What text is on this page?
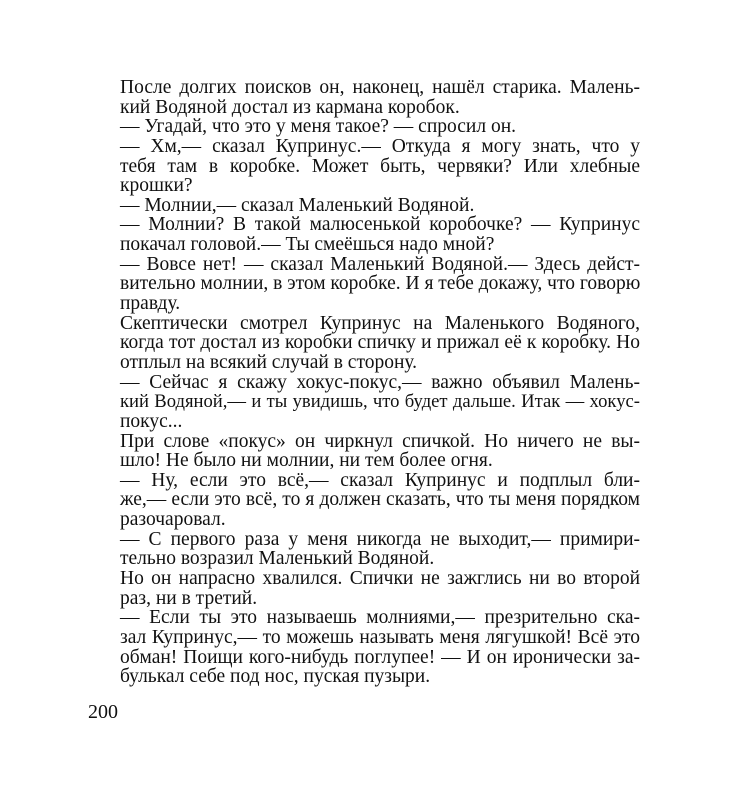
После долгих поисков он, наконец, нашёл старика. Малень-
кий Водяной достал из кармана коробок.
— Угадай, что это у меня такое? — спросил он.
— Хм,— сказал Купринус.— Откуда я могу знать, что у
тебя там в коробке. Может быть, червяки? Или хлебные
крошки?
— Молнии,— сказал Маленький Водяной.
— Молнии? В такой малюсенькой коробочке? — Купринус
покачал головой.— Ты смеёшься надо мной?
— Вовсе нет! — сказал Маленький Водяной.— Здесь дейст-
вительно молнии, в этом коробке. И я тебе докажу, что говорю
правду.
Скептически смотрел Купринус на Маленького Водяного,
когда тот достал из коробки спичку и прижал её к коробку. Но
отплыл на всякий случай в сторону.
— Сейчас я скажу хокус-покус,— важно объявил Малень-
кий Водяной,— и ты увидишь, что будет дальше. Итак — хокус-
покус...
При слове «покус» он чиркнул спичкой. Но ничего не вы-
шло! Не было ни молнии, ни тем более огня.
— Ну, если это всё,— сказал Купринус и подплыл бли-
же,— если это всё, то я должен сказать, что ты меня порядком
разочаровал.
— С первого раза у меня никогда не выходит,— примири-
тельно возразил Маленький Водяной.
Но он напрасно хвалился. Спички не зажглись ни во второй
раз, ни в третий.
— Если ты это называешь молниями,— презрительно ска-
зал Купринус,— то можешь называть меня лягушкой! Всё это
обман! Поищи кого-нибудь поглупее! — И он иронически за-
булькал себе под нос, пуская пузыри.
200
